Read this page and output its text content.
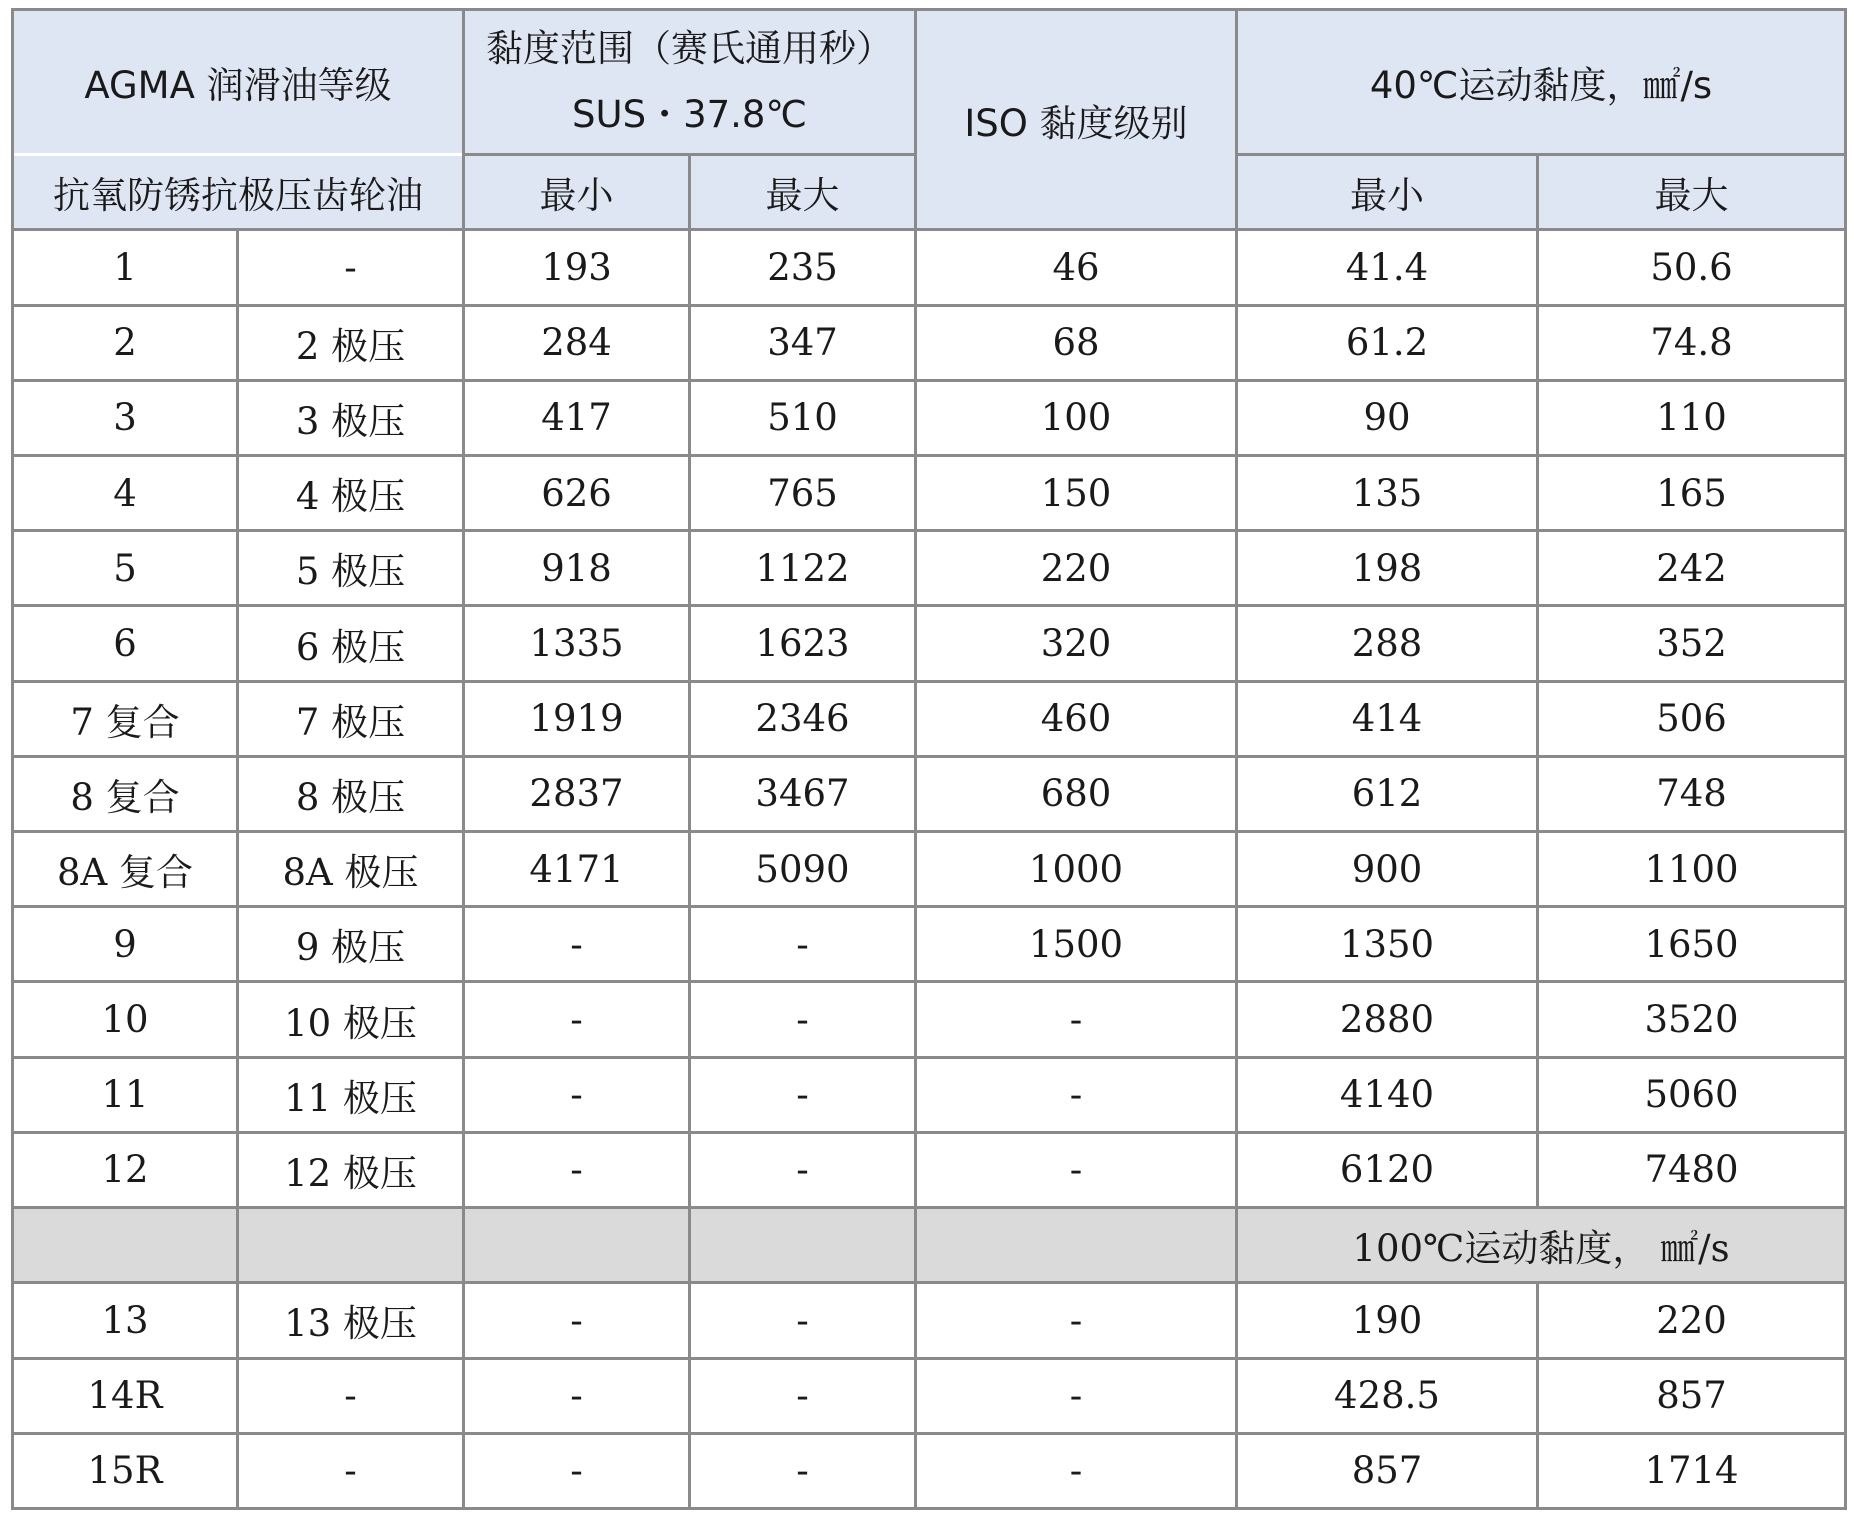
AGMA 润滑油等级		黏度范围（赛氏通用秒）
SUS・37.8℃		ISO 黏度级别	40℃运动黏度，㎟/s	
抗氧防锈抗极压齿轮油		最小	最大		最小	最大
1	-	193	235	46	41.4	50.6
2	2 极压	284	347	68	61.2	74.8
3	3 极压	417	510	100	90	110
4	4 极压	626	765	150	135	165
5	5 极压	918	1122	220	198	242
6	6 极压	1335	1623	320	288	352
7 复合	7 极压	1919	2346	460	414	506
8 复合	8 极压	2837	3467	680	612	748
8A 复合	8A 极压	4171	5090	1000	900	1100
9	9 极压	-	-	1500	1350	1650
10	10 极压	-	-	-	2880	3520
11	11 极压	-	-	-	4140	5060
12	12 极压	-	-	-	6120	7480
					100℃运动黏度， ㎟/s	
13	13 极压	-	-	-	190	220
14R	-	-	-	-	428.5	857
15R	-	-	-	-	857	1714
